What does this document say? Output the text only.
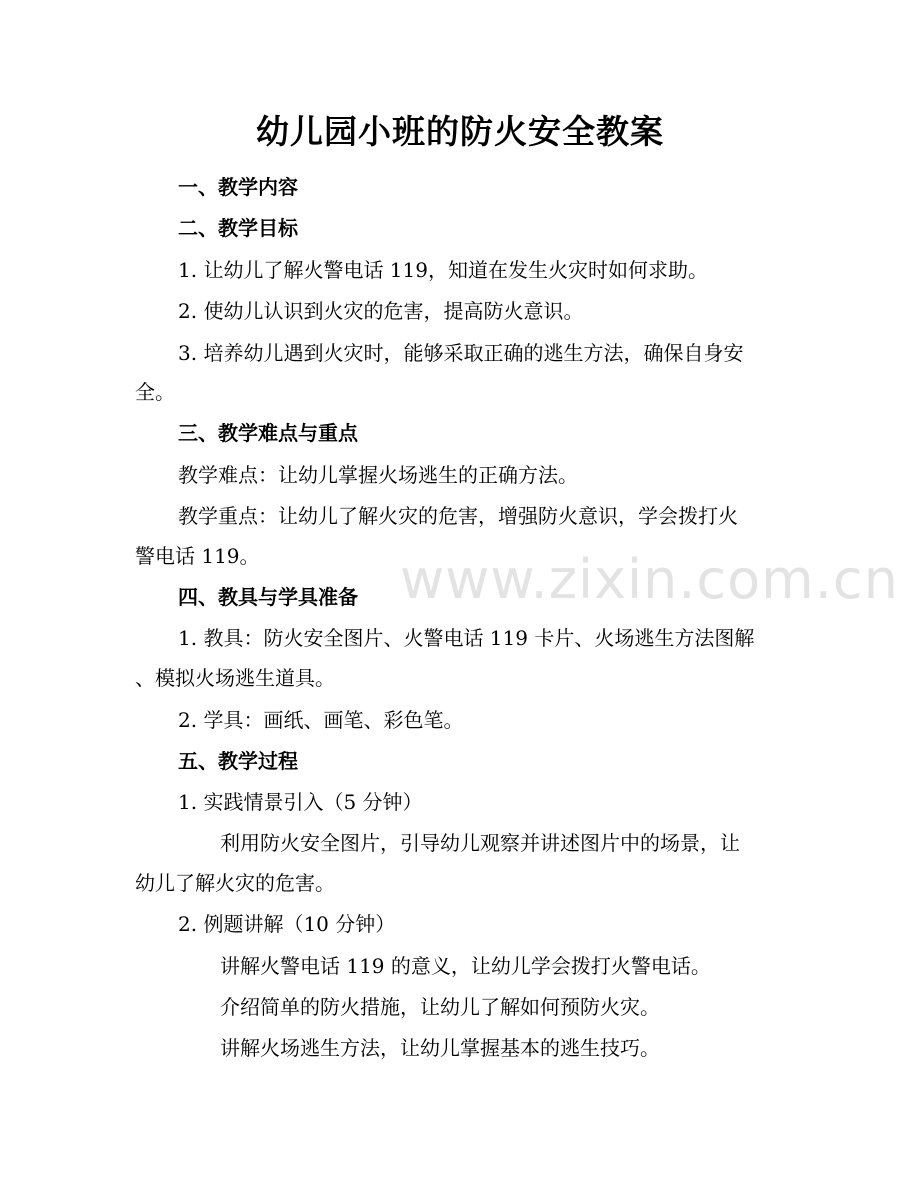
幼儿园小班的防火安全教案
www.zixin.com.cn

一、教学内容

二、教学目标

1. 让幼儿了解火警电话 119，知道在发生火灾时如何求助。

2. 使幼儿认识到火灾的危害，提高防火意识。

3. 培养幼儿遇到火灾时，能够采取正确的逃生方法，确保自身安

全。

三、教学难点与重点

教学难点：让幼儿掌握火场逃生的正确方法。

教学重点：让幼儿了解火灾的危害，增强防火意识，学会拨打火

警电话 119。

四、教具与学具准备

1. 教具：防火安全图片、火警电话 119 卡片、火场逃生方法图解

、模拟火场逃生道具。

2. 学具：画纸、画笔、彩色笔。

五、教学过程

1. 实践情景引入（5 分钟）

利用防火安全图片，引导幼儿观察并讲述图片中的场景，让

幼儿了解火灾的危害。

2. 例题讲解（10 分钟）

讲解火警电话 119 的意义，让幼儿学会拨打火警电话。

介绍简单的防火措施，让幼儿了解如何预防火灾。

讲解火场逃生方法，让幼儿掌握基本的逃生技巧。
